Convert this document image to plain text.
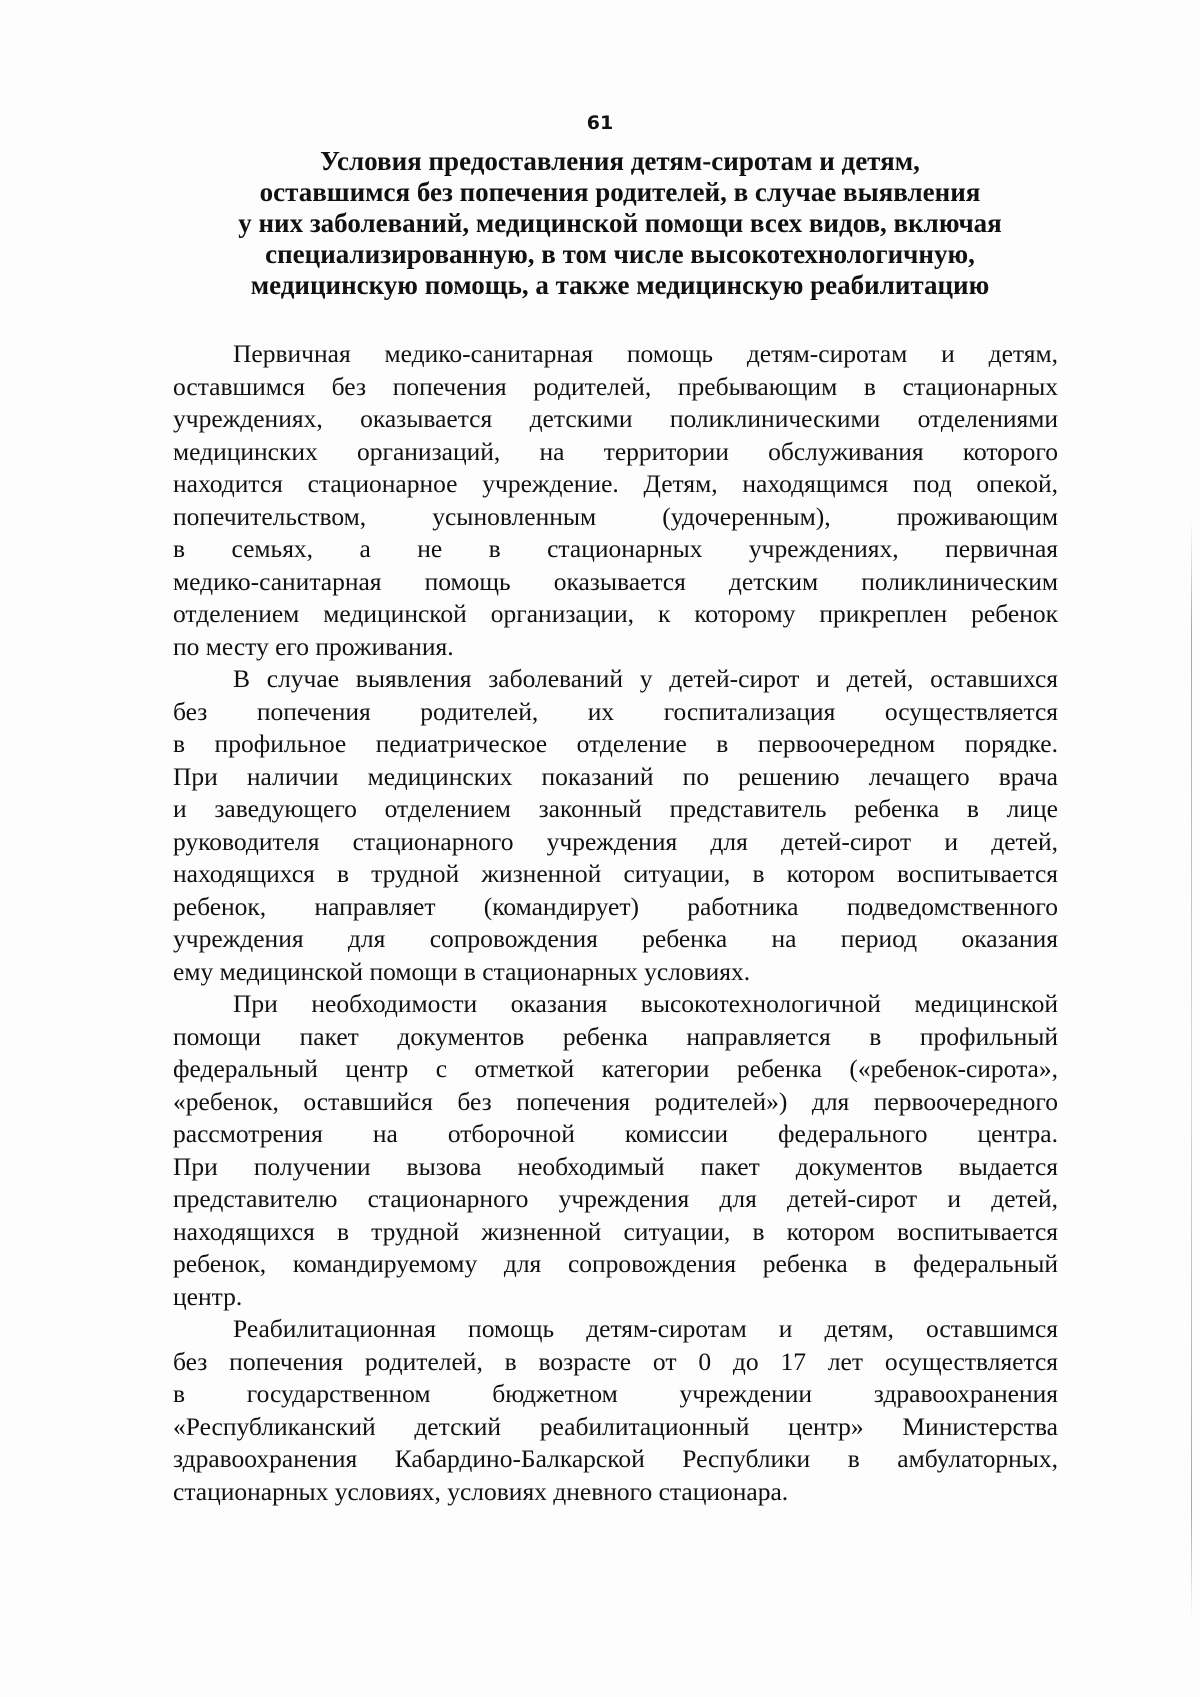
61
Условия предоставления детям-сиротам и детям,
оставшимся без попечения родителей, в случае выявления
у них заболеваний, медицинской помощи всех видов, включая
специализированную, в том числе высокотехнологичную,
медицинскую помощь, а также медицинскую реабилитацию
Первичная медико-санитарная помощь детям-сиротам и детям,
оставшимся без попечения родителей, пребывающим в стационарных
учреждениях, оказывается детскими поликлиническими отделениями
медицинских организаций, на территории обслуживания которого
находится стационарное учреждение. Детям, находящимся под опекой,
попечительством, усыновленным (удочеренным), проживающим
в семьях, а не в стационарных учреждениях, первичная
медико-санитарная помощь оказывается детским поликлиническим
отделением медицинской организации, к которому прикреплен ребенок
по месту его проживания.
В случае выявления заболеваний у детей-сирот и детей, оставшихся
без попечения родителей, их госпитализация осуществляется
в профильное педиатрическое отделение в первоочередном порядке.
При наличии медицинских показаний по решению лечащего врача
и заведующего отделением законный представитель ребенка в лице
руководителя стационарного учреждения для детей-сирот и детей,
находящихся в трудной жизненной ситуации, в котором воспитывается
ребенок, направляет (командирует) работника подведомственного
учреждения для сопровождения ребенка на период оказания
ему медицинской помощи в стационарных условиях.
При необходимости оказания высокотехнологичной медицинской
помощи пакет документов ребенка направляется в профильный
федеральный центр с отметкой категории ребенка («ребенок-сирота»,
«ребенок, оставшийся без попечения родителей») для первоочередного
рассмотрения на отборочной комиссии федерального центра.
При получении вызова необходимый пакет документов выдается
представителю стационарного учреждения для детей-сирот и детей,
находящихся в трудной жизненной ситуации, в котором воспитывается
ребенок, командируемому для сопровождения ребенка в федеральный
центр.
Реабилитационная помощь детям-сиротам и детям, оставшимся
без попечения родителей, в возрасте от 0 до 17 лет осуществляется
в государственном бюджетном учреждении здравоохранения
«Республиканский детский реабилитационный центр» Министерства
здравоохранения Кабардино-Балкарской Республики в амбулаторных,
стационарных условиях, условиях дневного стационара.
